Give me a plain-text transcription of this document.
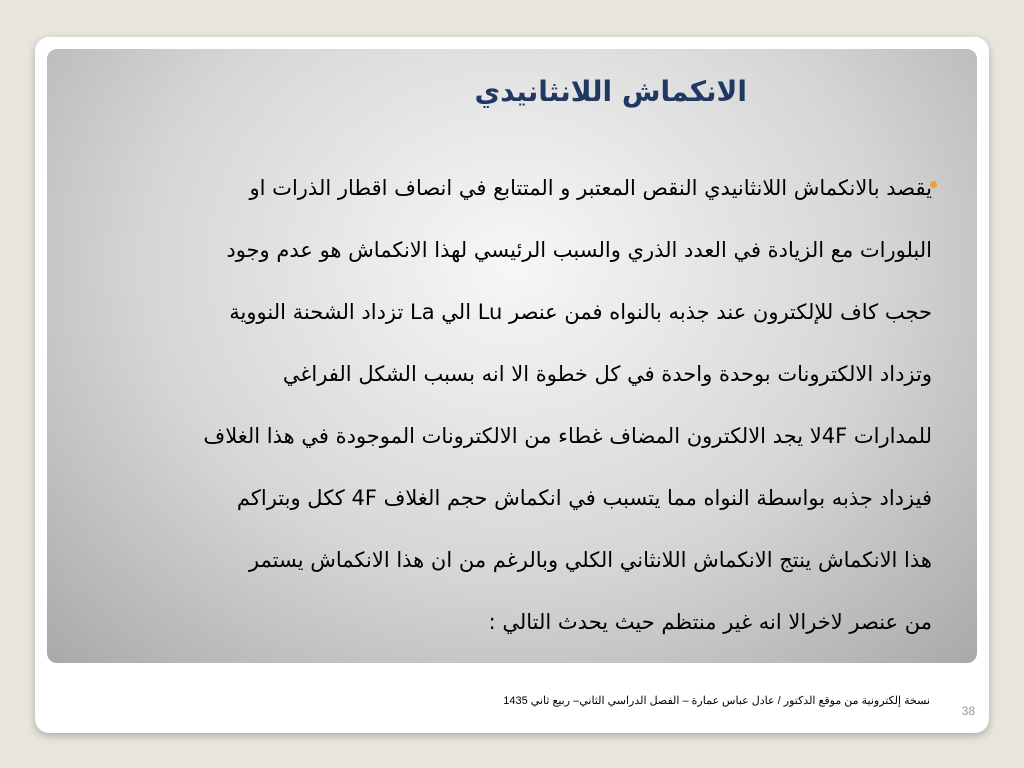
الانكماش اللانثانيدي
يقصد بالانكماش اللانثانيدي النقص المعتبر و المتتابع في انصاف اقطار الذرات او
البلورات مع الزيادة في العدد الذري والسبب الرئيسي لهذا الانكماش هو عدم وجود
حجب كاف للإلكترون عند جذبه بالنواه فمن عنصر Lu الي La تزداد الشحنة النووية
وتزداد الالكترونات بوحدة واحدة في كل خطوة الا انه بسبب الشكل الفراغي
للمدارات 4Fلا يجد الالكترون المضاف غطاء من الالكترونات الموجودة في هذا الغلاف
فيزداد جذبه بواسطة النواه مما يتسبب في انكماش حجم الغلاف 4F ككل وبتراكم
هذا الانكماش ينتج الانكماش اللانثاني الكلي وبالرغم من ان هذا الانكماش يستمر
من عنصر لاخرالا انه غير منتظم حيث يحدث التالي :
نسخة إلكترونية من موقع الدكتور / عادل عباس عمارة – الفصل الدراسي الثاني– ربيع ثاني 1435
38
